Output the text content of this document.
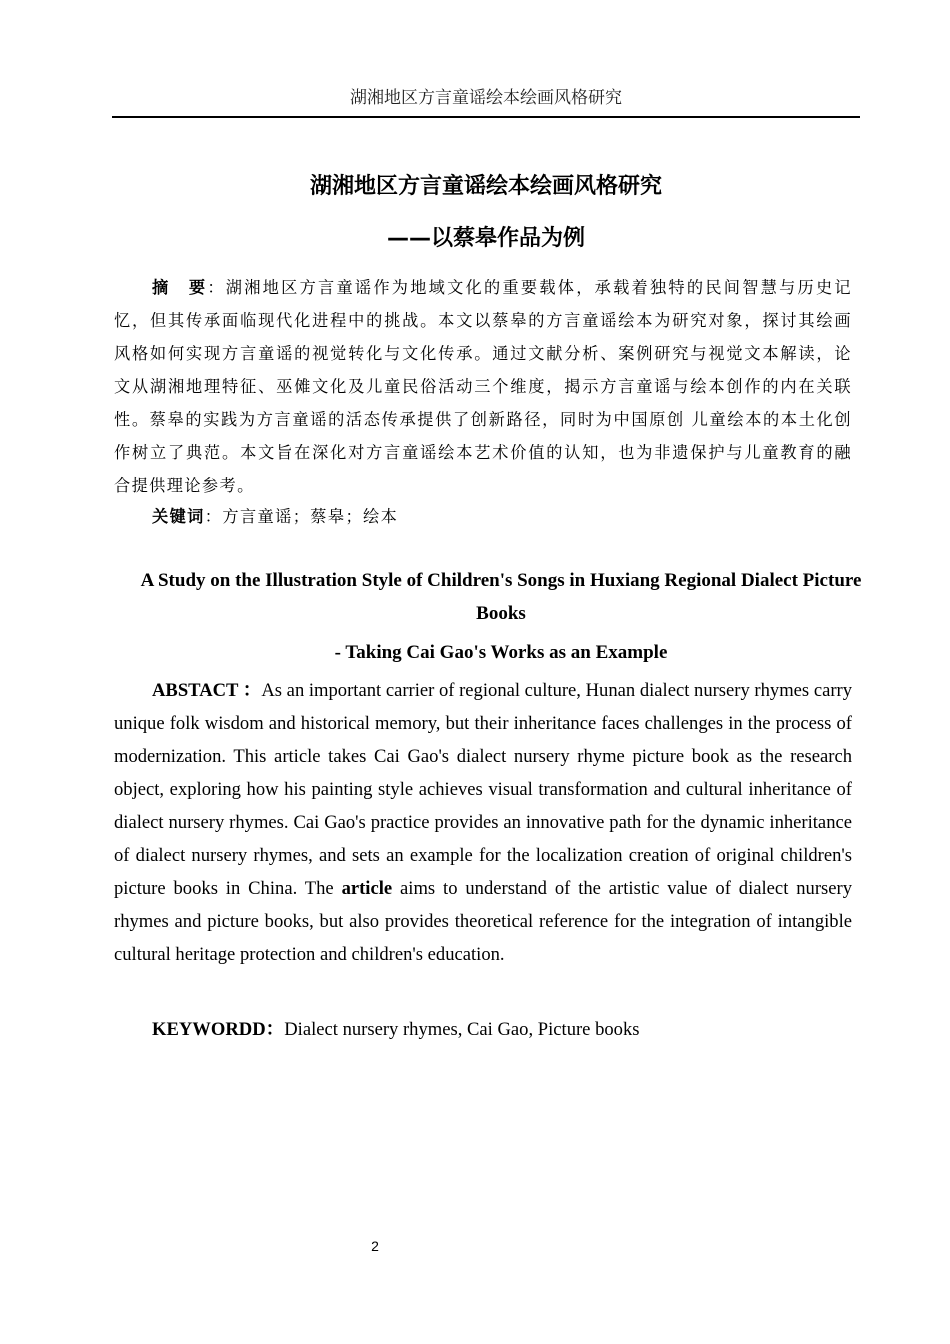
湖湘地区方言童谣绘本绘画风格研究
湖湘地区方言童谣绘本绘画风格研究
——以蔡皋作品为例

摘　要：湖湘地区方言童谣作为地域文化的重要载体，承载着独特的民间智慧与历史记忆，但其传承面临现代化进程中的挑战。本文以蔡皋的方言童谣绘本为研究对象，探讨其绘画风格如何实现方言童谣的视觉转化与文化传承。通过文献分析、案例研究与视觉文本解读，论文从湖湘地理特征、巫傩文化及儿童民俗活动三个维度，揭示方言童谣与绘本创作的内在关联性。蔡皋的实践为方言童谣的活态传承提供了创新路径，同时为中国原创 儿童绘本的本土化创作树立了典范。本文旨在深化对方言童谣绘本艺术价值的认知，也为非遗保护与儿童教育的融合提供理论参考。

关键词：方言童谣；蔡皋；绘本
A Study on the Illustration Style of Children's Songs in Huxiang Regional Dialect Picture Books
- Taking Cai Gao's Works as an Example

ABSTACT ：As an important carrier of regional culture, Hunan dialect nursery rhymes carry unique folk wisdom and historical memory, but their inheritance faces challenges in the process of modernization. This article takes Cai Gao's dialect nursery rhyme picture book as the research object, exploring how his painting style achieves visual transformation and cultural inheritance of dialect nursery rhymes. Cai Gao's practice provides an innovative path for the dynamic inheritance of dialect nursery rhymes, and sets an example for the localization creation of original children's picture books in China. The article aims to understand of the artistic value of dialect nursery rhymes and picture books, but also provides theoretical reference for the integration of intangible cultural heritage protection and children's education.

KEYWORDD：Dialect nursery rhymes, Cai Gao, Picture books
2
